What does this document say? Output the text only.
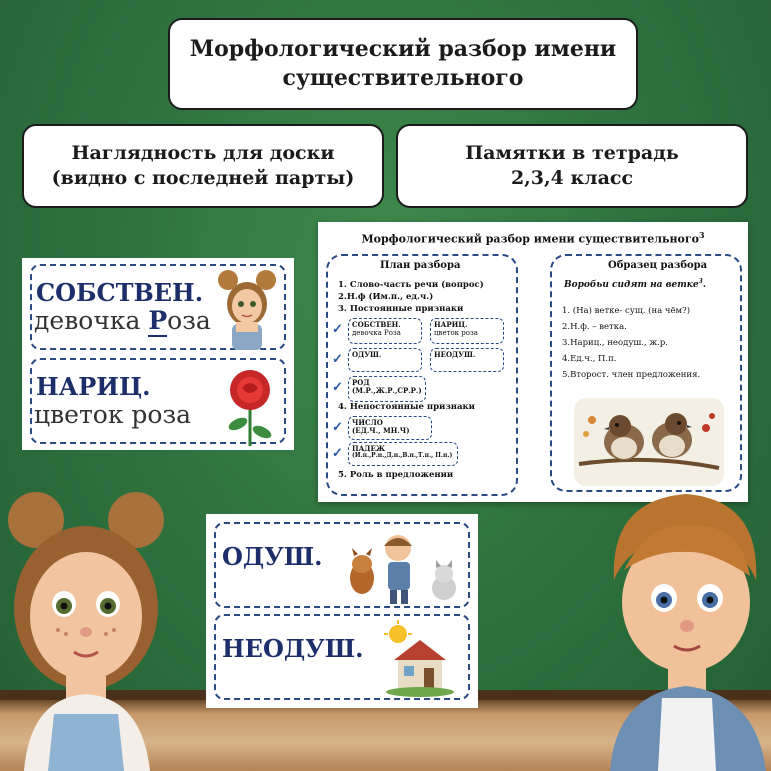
Морфологический разбор имени
существительного
Наглядность для доски
(видно с последней парты)
Памятки в тетрадь
2,3,4 класс
СОБСТВЕН.
девочка Роза
НАРИЦ.
цветок роза
Морфологический разбор имени существительного$^3$
План разбора
1. Слово-часть речи (вопрос)
2.Н.ф (Им.п., ед.ч.)
3. Постоянные признаки
✓ СОБСТВЕН.
девочка Роза
НАРИЦ.
цветок роза
✓	ОДУШ.	НЕОДУШ.
✓ РОД
(М.Р.,Ж.Р.,СР.Р.)
4. Непостоянные признаки
✓ ЧИСЛО
(ЕД.Ч., МН.Ч)
✓ ПАДЕЖ
(И.п.,Р.п.,Д.п.,В.п.,Т.п., П.п.)
5. Роль в предложении
Образец разбора
Воробьи сидят на ветке$^3$.
1. (На) ветке- сущ. (на чём?)
2.Н.ф. – ветка.
3.Нариц., неодуш., ж.р.
4.Ед.ч., П.п.
5.Второст. член предложения.
ОДУШ.
НЕОДУШ.
